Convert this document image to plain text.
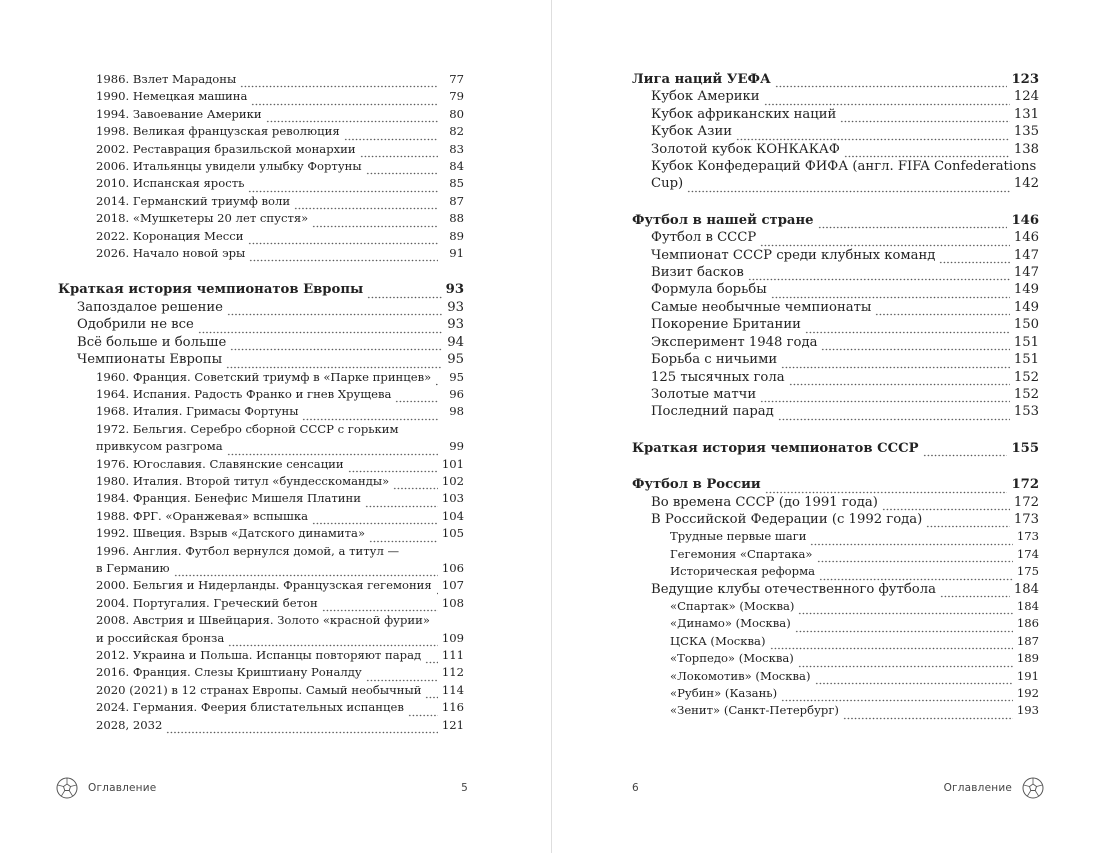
1986. Взлет Марадоны	77
1990. Немецкая машина	79
1994. Завоевание Америки	80
1998. Великая французская революция	82
2002. Реставрация бразильской монархии	83
2006. Итальянцы увидели улыбку Фортуны	84
2010. Испанская ярость	85
2014. Германский триумф воли	87
2018. «Мушкетеры 20 лет спустя»	88
2022. Коронация Месси	89
2026. Начало новой эры	91
Краткая история чемпионатов Европы	93
Запоздалое решение	93
Одобрили не все	93
Всё больше и больше	94
Чемпионаты Европы	95
1960. Франция. Советский триумф в «Парке принцев»	95
1964. Испания. Радость Франко и гнев Хрущева	96
1968. Италия. Гримасы Фортуны	98
1972. Бельгия. Серебро сборной СССР с горьким
привкусом разгрома	99
1976. Югославия. Славянские сенсации	101
1980. Италия. Второй титул «бундесcкоманды»	102
1984. Франция. Бенефис Мишеля Платини	103
1988. ФРГ. «Оранжевая» вспышка	104
1992. Швеция. Взрыв «Датского динамита»	105
1996. Англия. Футбол вернулся домой, а титул —
в Германию	106
2000. Бельгия и Нидерланды. Французская гегемония 107
2004. Португалия. Греческий бетон	108
2008. Австрия и Швейцария. Золото «красной фурии»
и российская бронза	109
2012. Украина и Польша. Испанцы повторяют парад 111
2016. Франция. Слезы Криштиану Роналду	112
2020 (2021) в 12 странах Европы. Самый необычный 114
2024. Германия. Феерия блистательных испанцев	116
2028, 2032	121
Оглавление	5
Лига наций УЕФА	123
Кубок Америки	124
Кубок африканских наций	131
Кубок Азии	135
Золотой кубок КОНКАКАФ	138
Кубок Конфедераций ФИФА (англ. FIFA Confederations
Cup)	142
Футбол в нашей стране	146
Футбол в СССР	146
Чемпионат СССР среди клубных команд	147
Визит басков	147
Формула борьбы	149
Самые необычные чемпионаты	149
Покорение Британии	150
Эксперимент 1948 года	151
Борьба с ничьими	151
125 тысячных гола	152
Золотые матчи	152
Последний парад	153
Краткая история чемпионатов СССР	155
Футбол в России	172
Во времена СССР (до 1991 года)	172
В Российской Федерации (с 1992 года)	173
Трудные первые шаги	173
Гегемония «Спартака»	174
Историческая реформа	175
Ведущие клубы отечественного футбола	184
«Спартак» (Москва)	184
«Динамо» (Москва)	186
ЦСКА (Москва)	187
«Торпедо» (Москва)	189
«Локомотив» (Москва)	191
«Рубин» (Казань)	192
«Зенит» (Санкт-Петербург)	193
6	Оглавление
